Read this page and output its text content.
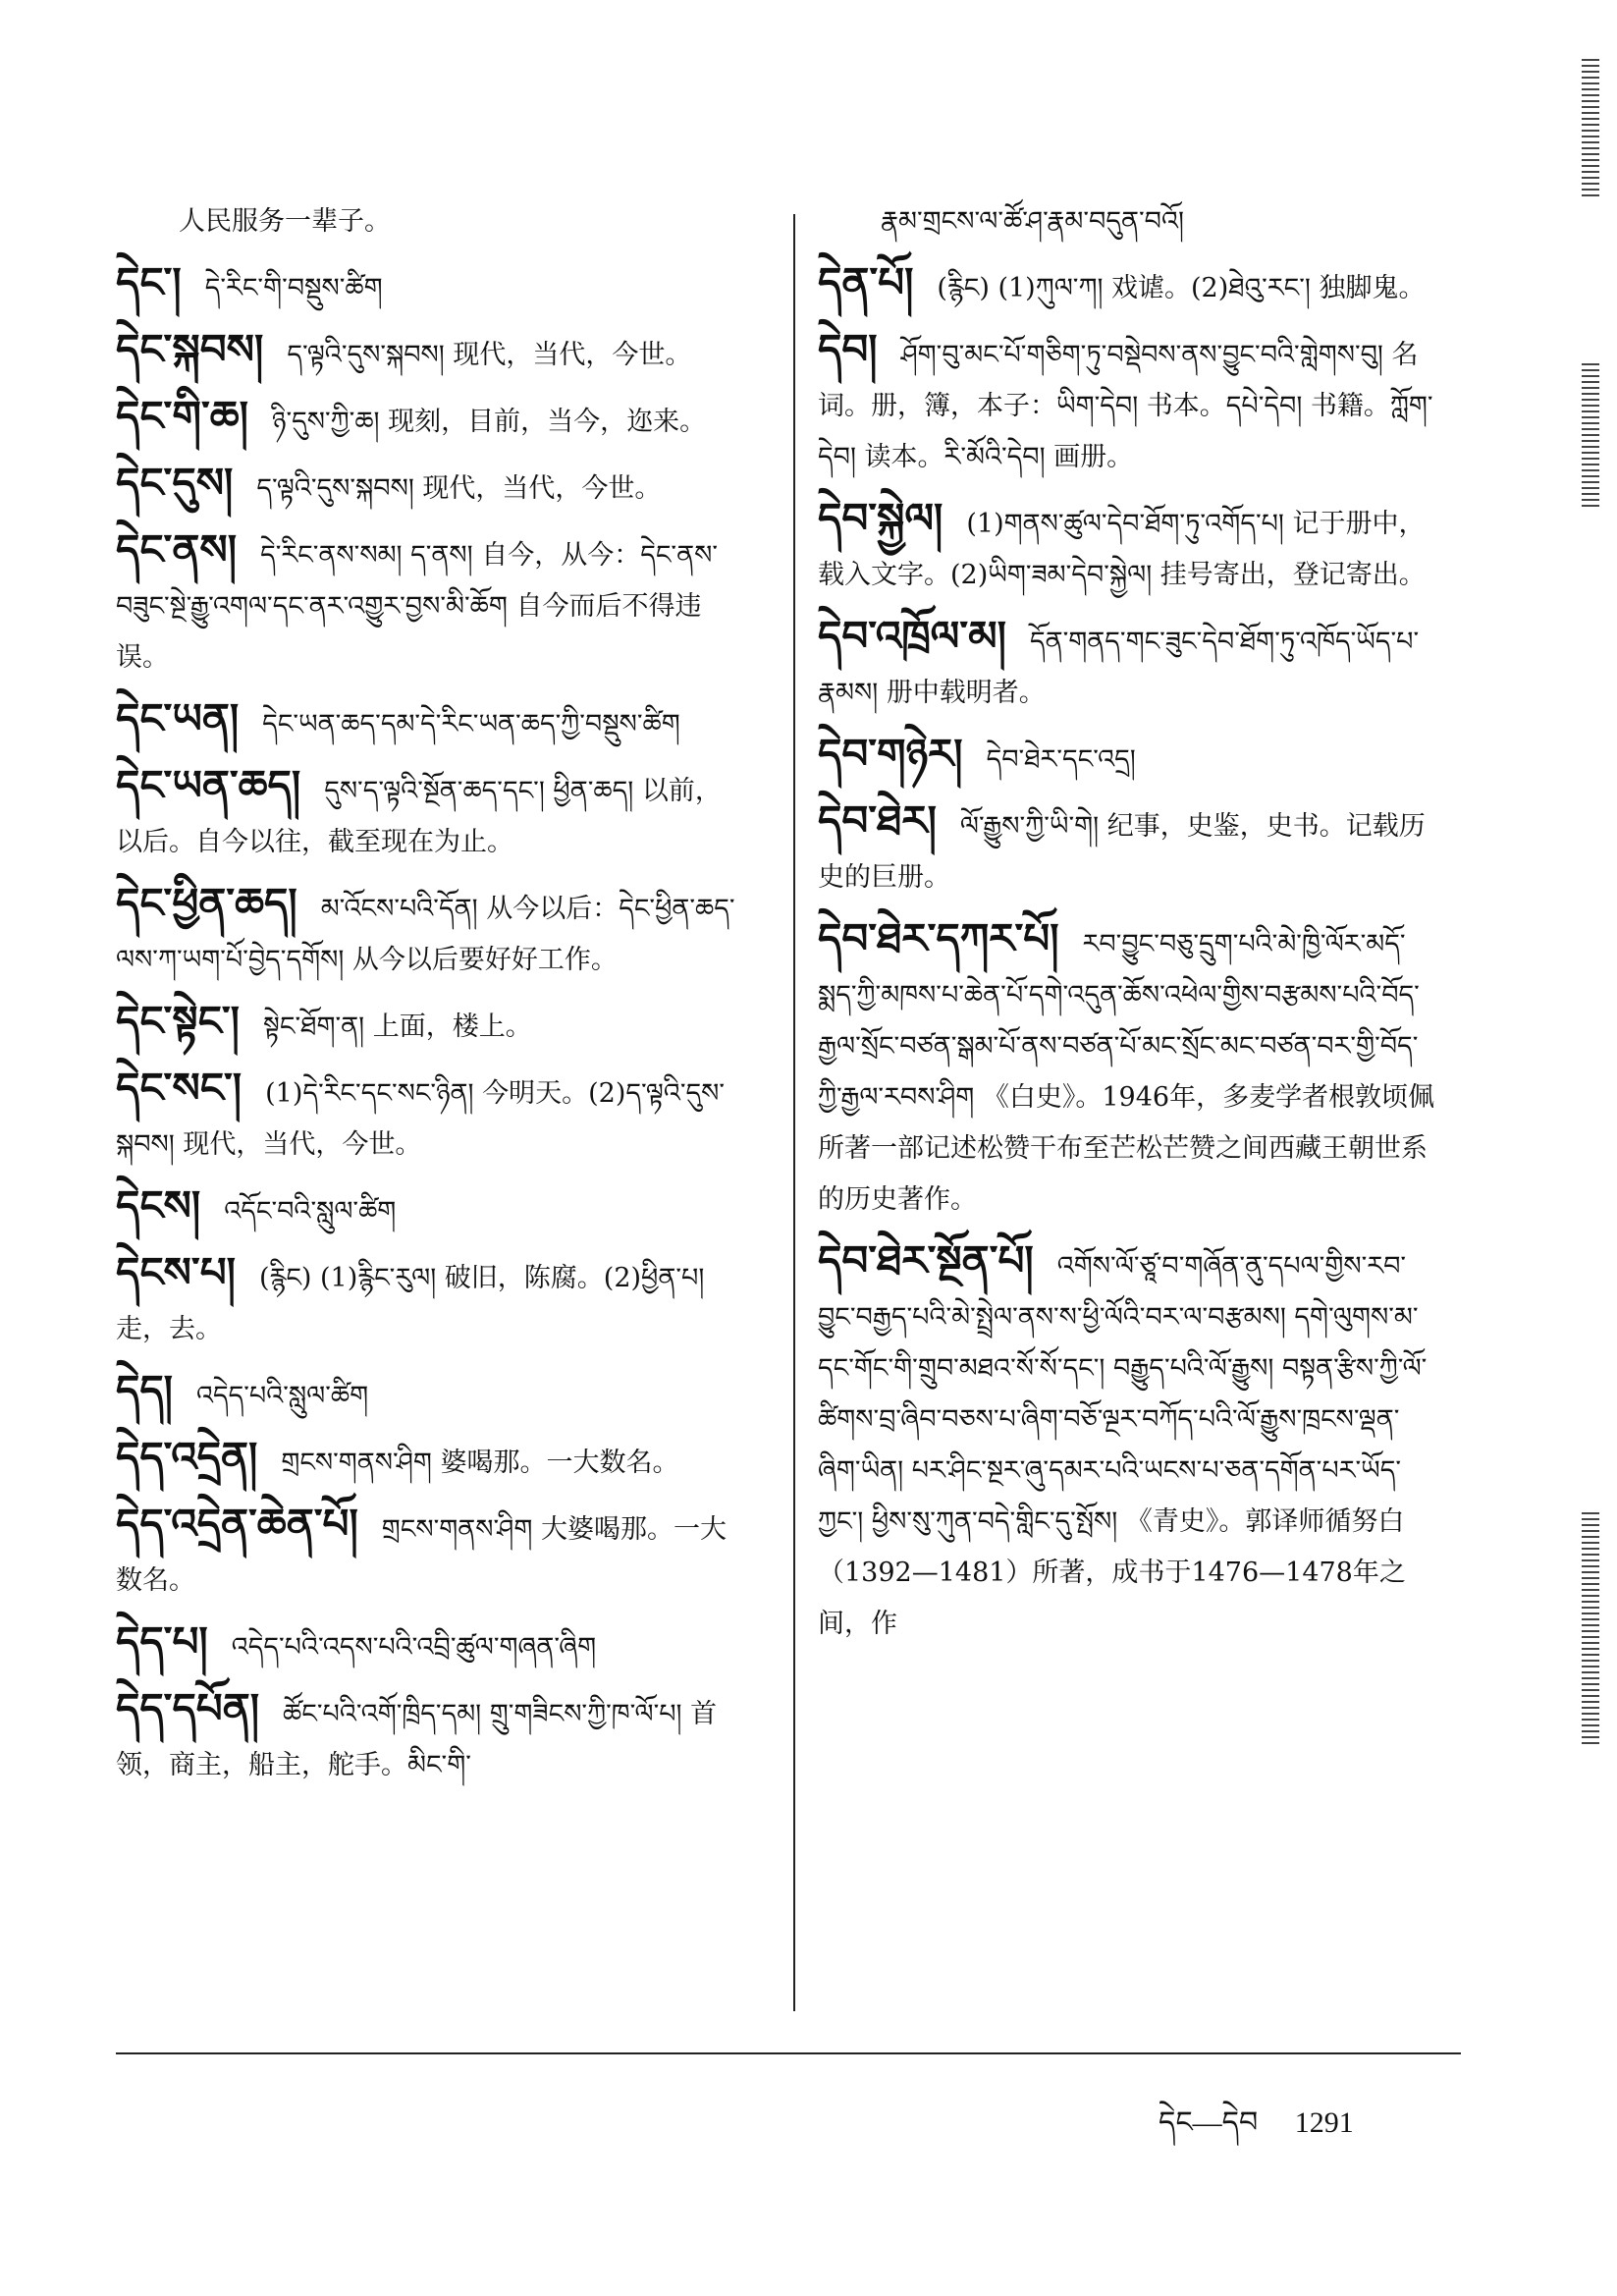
人民服务一辈子。
དེང་། དེ་རིང་གི་བསྡུས་ཚིག
དེང་སྐབས། ད་ལྟའི་དུས་སྐབས། 现代，当代，今世。
དེང་གི་ཆ། ཉི་དུས་ཀྱི་ཆ། 现刻，目前，当今，迩来。
དེང་དུས། ད་ལྟའི་དུས་སྐབས། 现代，当代，今世。
དེང་ནས། དེ་རིང་ནས་སམ། ད་ནས། 自今，从今：དེང་ནས་བཟུང་སྔེ་རྒྱུ་འགལ་དང་ནར་འགྱུར་བྱས་མི་ཆོག 自今而后不得违误。
དེང་ཡན། དེང་ཡན་ཆད་དམ་དེ་རིང་ཡན་ཆད་ཀྱི་བསྡུས་ཚིག
དེང་ཡན་ཆད། དུས་ད་ལྟའི་སྔོན་ཆད་དང་། ཕྱིན་ཆད། 以前，以后。自今以往，截至现在为止。
དེང་ཕྱིན་ཆད། མ་འོངས་པའི་དོན། 从今以后：དེང་ཕྱིན་ཆད་ལས་ཀ་ཡག་པོ་བྱེད་དགོས། 从今以后要好好工作。
དེང་སྟེང་། སྟེང་ཐོག་ན། 上面，楼上。
དེང་སང་། (1)དེ་རིང་དང་སང་ཉིན། 今明天。(2)ད་ལྟའི་དུས་སྐབས། 现代，当代，今世。
དེངས། འདོང་བའི་སླུལ་ཚིག
དེངས་པ། (རྙིང) (1)རྙིང་རུལ། 破旧，陈腐。(2)ཕྱིན་པ། 走，去。
དེད། འདེད་པའི་སླུལ་ཚིག
དེད་འདྲེན། གྲངས་གནས་ཤིག 婆喝那。一大数名。
དེད་འདྲེན་ཆེན་པོ། གྲངས་གནས་ཤིག 大婆喝那。一大数名。
དེད་པ། འདེད་པའི་འདས་པའི་འབྲི་ཚུལ་གཞན་ཞིག
དེད་དཔོན། ཚོང་པའི་འགོ་ཁྲིད་དམ། གྲུ་གཟིངས་ཀྱི་ཁ་ལོ་པ། 首领，商主，船主，舵手。མིང་གི་
རྣམ་གྲངས་ལ་ཚོ་ཤ་རྣམ་བདུན་བའོ།
དེན་པོ། (རྙིང) (1)ཀུལ་ཀ། 戏谑。(2)ཐེའུ་རང་། 独脚鬼。
དེབ། ཤོག་བུ་མང་པོ་གཅིག་ཏུ་བསྡེབས་ནས་བྱུང་བའི་གླེགས་བུ། 名词。册，簿，本子：ཡིག་དེབ། 书本。དཔེ་དེབ། 书籍。ཀློག་དེབ། 读本。རི་མོའི་དེབ། 画册。
དེབ་སྐྱེལ། (1)གནས་ཚུལ་དེབ་ཐོག་ཏུ་འགོད་པ། 记于册中，载入文字。(2)ཡིག་ཟམ་དེབ་སྐྱེལ། 挂号寄出，登记寄出。
དེབ་འཁྲོལ་མ། དོན་གནད་གང་ཟུང་དེབ་ཐོག་ཏུ་འཁོད་ཡོད་པ་རྣམས། 册中载明者。
དེབ་གཉེར། དེབ་ཐེར་དང་འདྲ།
དེབ་ཐེར། ལོ་རྒྱུས་ཀྱི་ཡི་གེ། 纪事，史鉴，史书。记载历史的巨册。
དེབ་ཐེར་དཀར་པོ། རབ་བྱུང་བཅུ་དྲུག་པའི་མེ་ཁྱི་ལོར་མདོ་སྨད་ཀྱི་མཁས་པ་ཆེན་པོ་དགེ་འདུན་ཆོས་འཕེལ་གྱིས་བརྩམས་པའི་བོད་རྒྱལ་སྲོང་བཙན་སྒམ་པོ་ནས་བཙན་པོ་མང་སྲོང་མང་བཙན་བར་གྱི་བོད་ཀྱི་རྒྱལ་རབས་ཤིག 《白史》。1946年，多麦学者根敦顷佩所著一部记述松赞干布至芒松芒赞之间西藏王朝世系的历史著作。
དེབ་ཐེར་སྔོན་པོ། འགོས་ལོ་ཙཱ་བ་གཞོན་ནུ་དཔལ་གྱིས་རབ་བྱུང་བརྒྱད་པའི་མེ་སྤྲེལ་ནས་ས་ཕྱི་ལོའི་བར་ལ་བརྩམས། དགེ་ལུགས་མ་དང་གོང་གི་གྲུབ་མཐའ་སོ་སོ་དང་། བརྒྱུད་པའི་ལོ་རྒྱུས། བསྟན་རྩིས་ཀྱི་ལོ་ཚིགས་བྲ་ཞིབ་བཅས་པ་ཞིག་བཅོ་ལྔར་བཀོད་པའི་ལོ་རྒྱུས་ཁྲངས་ལྡན་ཞིག་ཡིན། པར་ཤིང་སྔར་ཞུ་དམར་པའི་ཡངས་པ་ཅན་དགོན་པར་ཡོད་ཀྱང་། ཕྱིས་སུ་ཀུན་བདེ་གླིང་དུ་སྤོས། 《青史》。郭译师循努白（1392—1481）所著，成书于1476—1478年之间，作
དེང—དེབ 1291
